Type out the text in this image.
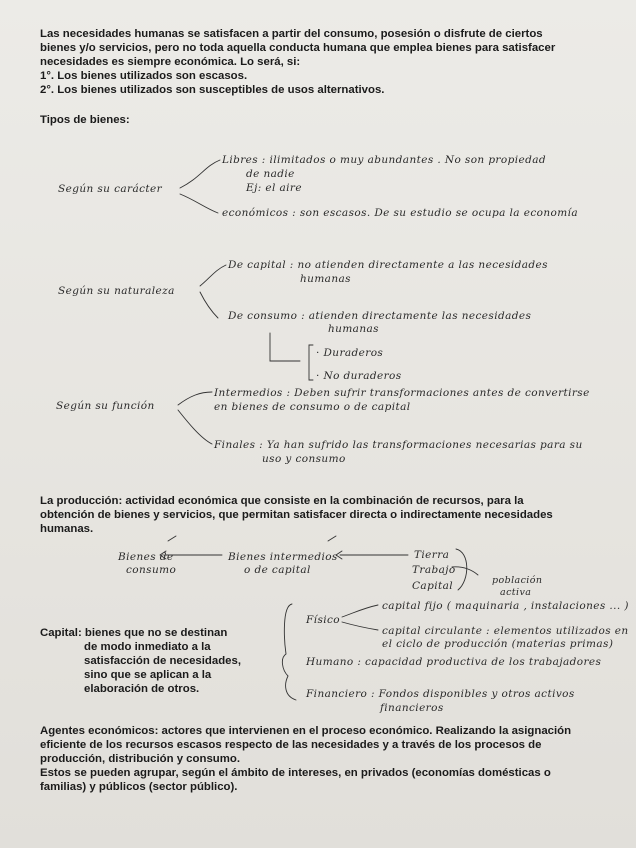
Las necesidades humanas se satisfacen a partir del consumo, posesión o disfrute de ciertos
bienes y/o servicios, pero no toda aquella conducta humana que emplea bienes para satisfacer
necesidades es siempre económica. Lo será, si:
1°. Los bienes utilizados son escasos.
2°. Los bienes utilizados son susceptibles de usos alternativos.
Tipos de bienes:
Según su carácter
Libres : ilimitados o muy abundantes . No son propiedad
de nadie
Ej: el aire
económicos : son escasos. De su estudio se ocupa la economía
Según su naturaleza
De capital : no atienden directamente a las necesidades
humanas
De consumo : atienden directamente las necesidades
humanas
· Duraderos
· No duraderos
Según su función
Intermedios : Deben sufrir transformaciones antes de convertirse
en bienes de consumo o de capital
Finales : Ya han sufrido las transformaciones necesarias para su
uso y consumo
La producción: actividad económica que consiste en la combinación de recursos, para la
obtención de bienes y servicios, que permitan satisfacer directa o indirectamente necesidades
humanas.
Bienes de
consumo
Bienes intermedios
o de capital
Tierra
Trabajo
Capital	población
activa
Capital: bienes que no se destinan
de modo inmediato a la
satisfacción de necesidades,
sino que se aplican a la
elaboración de otros.
Físico
capital fijo ( maquinaria , instalaciones ... )
capital circulante : elementos utilizados en
el ciclo de producción (materias primas)
Humano : capacidad productiva de los trabajadores
Financiero : Fondos disponibles y otros activos
financieros
Agentes económicos: actores que intervienen en el proceso económico. Realizando la asignación
eficiente de los recursos escasos respecto de las necesidades y a través de los procesos de
producción, distribución y consumo.
Estos se pueden agrupar, según el ámbito de intereses, en privados (economías domésticas o
familias) y públicos (sector público).
